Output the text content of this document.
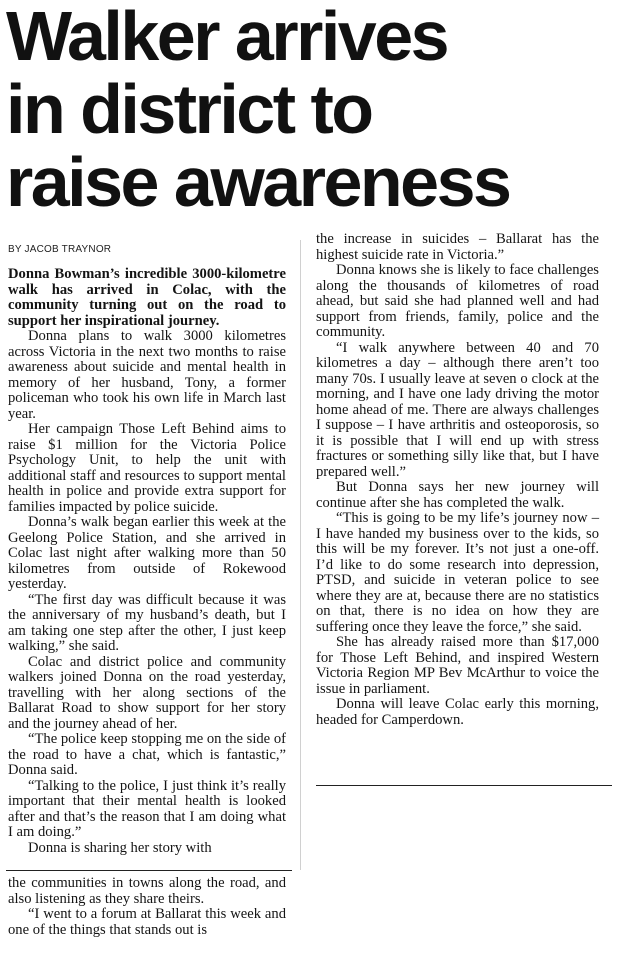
Walker arrives
in district to
raise awareness
BY JACOB TRAYNOR

Donna Bowman’s incredible 3000-kilometre walk has arrived in Colac, with the community turning out on the road to support her inspirational journey.

Donna plans to walk 3000 kilometres across Victoria in the next two months to raise awareness about suicide and mental health in memory of her husband, Tony, a former policeman who took his own life in March last year.

Her campaign Those Left Behind aims to raise $1 million for the Victoria Police Psychology Unit, to help the unit with additional staff and resources to support mental health in police and provide extra support for families impacted by police suicide.

Donna’s walk began earlier this week at the Geelong Police Station, and she arrived in Colac last night after walking more than 50 kilometres from outside of Rokewood yesterday.

“The first day was difficult because it was the anniversary of my husband’s death, but I am taking one step after the other, I just keep walking,” she said.

Colac and district police and community walkers joined Donna on the road yesterday, travelling with her along sections of the Ballarat Road to show support for her story and the journey ahead of her.

“The police keep stopping me on the side of the road to have a chat, which is fantastic,” Donna said.

“Talking to the police, I just think it’s really important that their mental health is looked after and that’s the reason that I am doing what I am doing.”

Donna is sharing her story with

the communities in towns along the road, and also listening as they share theirs.

“I went to a forum at Ballarat this week and one of the things that stands out is

the increase in suicides – Ballarat has the highest suicide rate in Victoria.”

Donna knows she is likely to face challenges along the thousands of kilometres of road ahead, but said she had planned well and had support from friends, family, police and the community.

“I walk anywhere between 40 and 70 kilometres a day – although there aren’t too many 70s. I usually leave at seven o clock at the morning, and I have one lady driving the motor home ahead of me. There are always challenges I suppose – I have arthritis and osteoporosis, so it is possible that I will end up with stress fractures or something silly like that, but I have prepared well.”

But Donna says her new journey will continue after she has completed the walk.

“This is going to be my life’s journey now – I have handed my business over to the kids, so this will be my forever. It’s not just a one-off. I’d like to do some research into depression, PTSD, and suicide in veteran police to see where they are at, because there are no statistics on that, there is no idea on how they are suffering once they leave the force,” she said.

She has already raised more than $17,000 for Those Left Behind, and inspired Western Victoria Region MP Bev McArthur to voice the issue in parliament.

Donna will leave Colac early this morning, headed for Camperdown.
